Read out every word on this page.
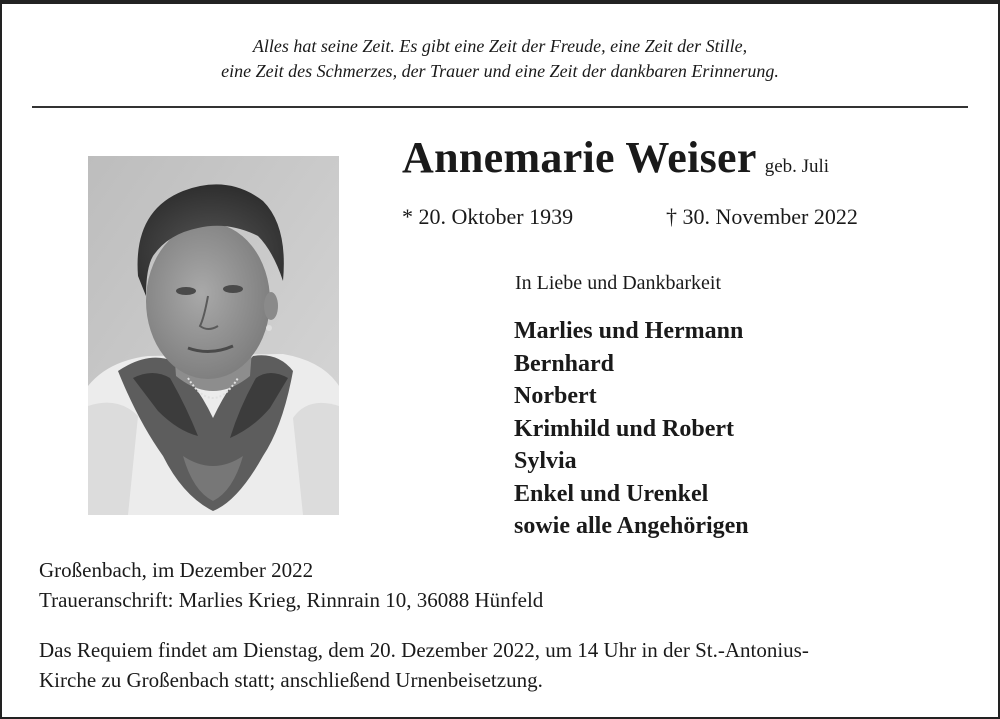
Alles hat seine Zeit. Es gibt eine Zeit der Freude, eine Zeit der Stille,
eine Zeit des Schmerzes, der Trauer und eine Zeit der dankbaren Erinnerung.
Annemarie Weiser geb. Juli
* 20. Oktober 1939	† 30. November 2022
In Liebe und Dankbarkeit
Marlies und Hermann
Bernhard
Norbert
Krimhild und Robert
Sylvia
Enkel und Urenkel
sowie alle Angehörigen
Großenbach, im Dezember 2022
Traueranschrift: Marlies Krieg, Rinnrain 10, 36088 Hünfeld
Das Requiem findet am Dienstag, dem 20. Dezember 2022, um 14 Uhr in der St.-Antonius-
Kirche zu Großenbach statt; anschließend Urnenbeisetzung.
